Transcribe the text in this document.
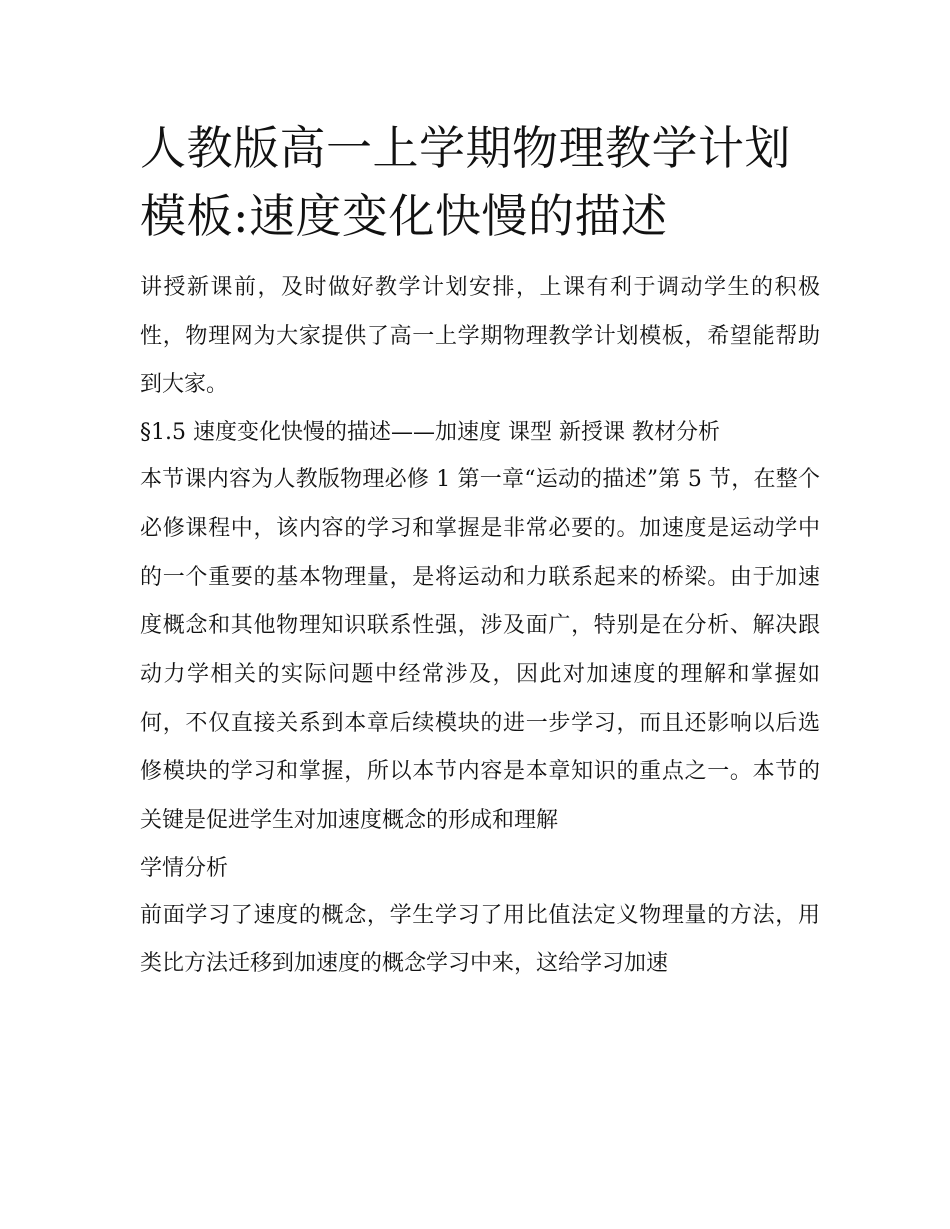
人教版高一上学期物理教学计划模板:速度变化快慢的描述

讲授新课前，及时做好教学计划安排，上课有利于调动学生的积极性，物理网为大家提供了高一上学期物理教学计划模板，希望能帮助到大家。

§1.5 速度变化快慢的描述——加速度 课型 新授课 教材分析

本节课内容为人教版物理必修 1 第一章“运动的描述”第 5 节，在整个必修课程中，该内容的学习和掌握是非常必要的。加速度是运动学中的一个重要的基本物理量，是将运动和力联系起来的桥梁。由于加速度概念和其他物理知识联系性强，涉及面广，特别是在分析、解决跟动力学相关的实际问题中经常涉及，因此对加速度的理解和掌握如何，不仅直接关系到本章后续模块的进一步学习，而且还影响以后选修模块的学习和掌握，所以本节内容是本章知识的重点之一。本节的关键是促进学生对加速度概念的形成和理解

学情分析

前面学习了速度的概念，学生学习了用比值法定义物理量的方法，用类比方法迁移到加速度的概念学习中来，这给学习加速
